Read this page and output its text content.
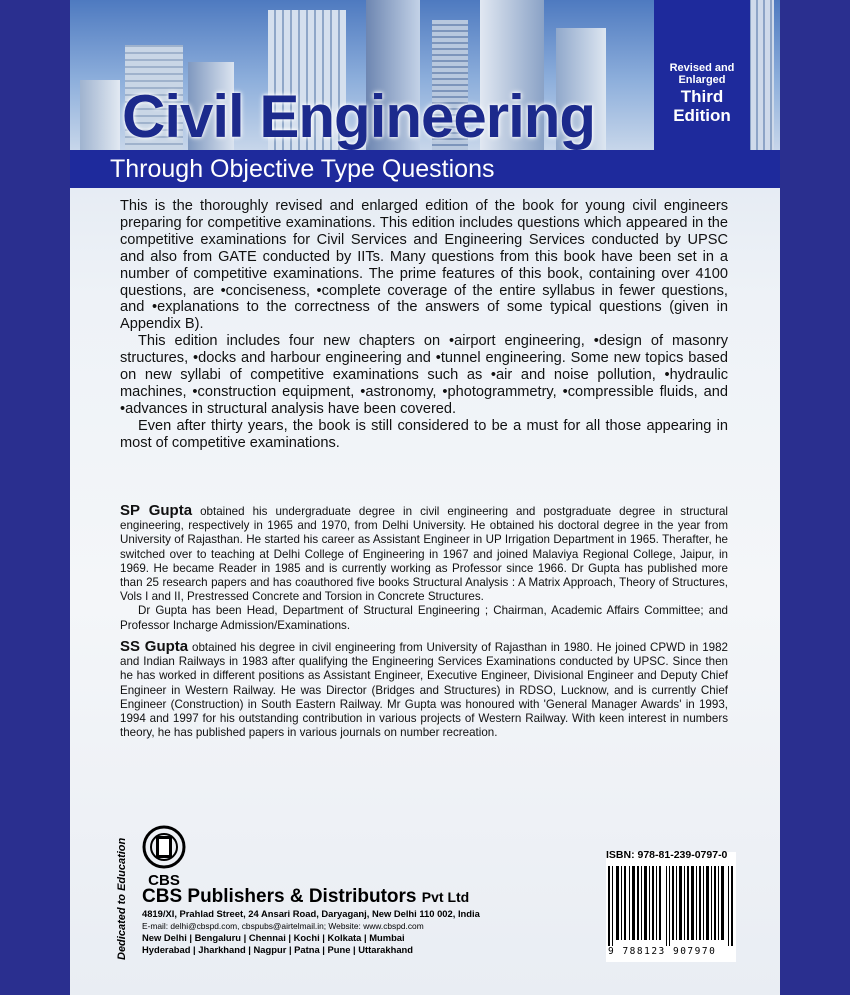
Revised and Enlarged
Third Edition
Civil Engineering
Through Objective Type Questions

This is the thoroughly revised and enlarged edition of the book for young civil engineers preparing for competitive examinations. This edition includes questions which appeared in the competitive examinations for Civil Services and Engineering Services conducted by UPSC and also from GATE conducted by IITs. Many questions from this book have been set in a number of competitive examinations. The prime features of this book, containing over 4100 questions, are •conciseness, •complete coverage of the entire syllabus in fewer questions, and •explanations to the correctness of the answers of some typical questions (given in Appendix B).

This edition includes four new chapters on •airport engineering, •design of masonry structures, •docks and harbour engineering and •tunnel engineering. Some new topics based on new syllabi of competitive examinations such as •air and noise pollution, •hydraulic machines, •construction equipment, •astronomy, •photogrammetry, •compressible fluids, and •advances in structural analysis have been covered.

Even after thirty years, the book is still considered to be a must for all those appearing in most of competitive examinations.

SP Gupta obtained his undergraduate degree in civil engineering and postgraduate degree in structural engineering, respectively in 1965 and 1970, from Delhi University. He obtained his doctoral degree in the year from University of Rajasthan. He started his career as Assistant Engineer in UP Irrigation Department in 1965. Therafter, he switched over to teaching at Delhi College of Engineering in 1967 and joined Malaviya Regional College, Jaipur, in 1969. He became Reader in 1985 and is currently working as Professor since 1966. Dr Gupta has published more than 25 research papers and has coauthored five books Structural Analysis : A Matrix Approach, Theory of Structures, Vols I and II, Prestressed Concrete and Torsion in Concrete Structures.

Dr Gupta has been Head, Department of Structural Engineering ; Chairman, Academic Affairs Committee; and Professor Incharge Admission/Examinations.

SS Gupta obtained his degree in civil engineering from University of Rajasthan in 1980. He joined CPWD in 1982 and Indian Railways in 1983 after qualifying the Engineering Services Examinations conducted by UPSC. Since then he has worked in different positions as Assistant Engineer, Executive Engineer, Divisional Engineer and Deputy Chief Engineer in Western Railway. He was Director (Bridges and Structures) in RDSO, Lucknow, and is currently Chief Engineer (Construction) in South Eastern Railway. Mr Gupta was honoured with 'General Manager Awards' in 1993, 1994 and 1997 for his outstanding contribution in various projects of Western Railway. With keen interest in numbers theory, he has published papers in various journals on number recreation.

CBS
Dedicated to Education CBS Publishers & Distributors Pvt Ltd
4819/XI, Prahlad Street, 24 Ansari Road, Daryaganj, New Delhi 110 002, India
E-mail: delhi@cbspd.com, cbspubs@airtelmail.in; Website: www.cbspd.com
New Delhi | Bengaluru | Chennai | Kochi | Kolkata | Mumbai
Hyderabad | Jharkhand | Nagpur | Patna | Pune | Uttarakhand
ISBN: 978-81-239-0797-0
9 788123 907970
